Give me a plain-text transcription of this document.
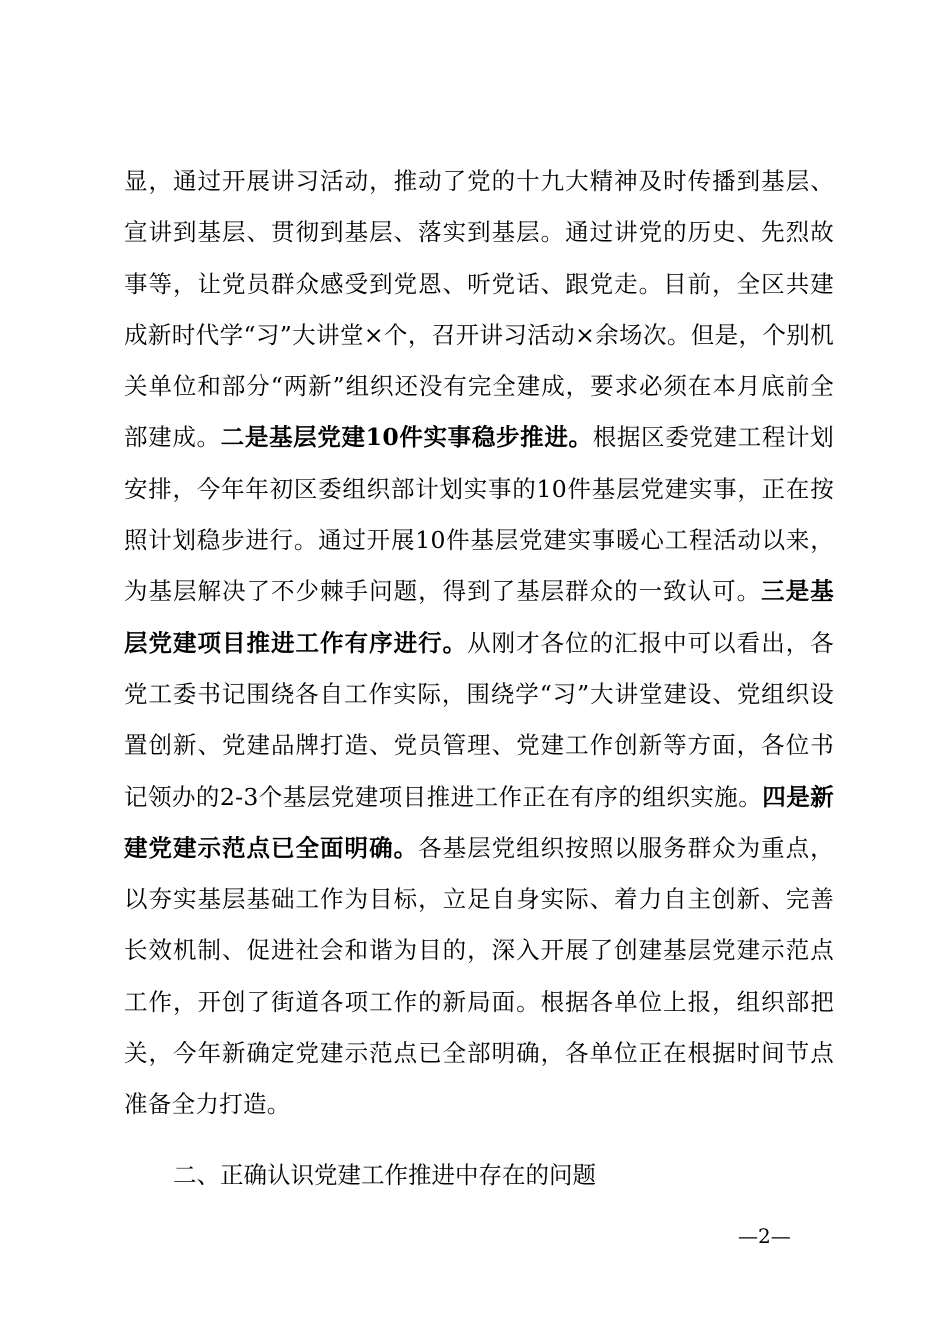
显，通过开展讲习活动，推动了党的十九大精神及时传播到基层、宣讲到基层、贯彻到基层、落实到基层。通过讲党的历史、先烈故事等，让党员群众感受到党恩、听党话、跟党走。目前，全区共建成新时代学“习”大讲堂×个，召开讲习活动×余场次。但是，个别机关单位和部分“两新”组织还没有完全建成，要求必须在本月底前全部建成。二是基层党建10件实事稳步推进。根据区委党建工程计划安排，今年年初区委组织部计划实事的10件基层党建实事，正在按照计划稳步进行。通过开展10件基层党建实事暖心工程活动以来，为基层解决了不少棘手问题，得到了基层群众的一致认可。三是基层党建项目推进工作有序进行。从刚才各位的汇报中可以看出，各党工委书记围绕各自工作实际，围绕学“习”大讲堂建设、党组织设置创新、党建品牌打造、党员管理、党建工作创新等方面，各位书记领办的2-3个基层党建项目推进工作正在有序的组织实施。四是新建党建示范点已全面明确。各基层党组织按照以服务群众为重点，以夯实基层基础工作为目标，立足自身实际、着力自主创新、完善长效机制、促进社会和谐为目的，深入开展了创建基层党建示范点工作，开创了街道各项工作的新局面。根据各单位上报，组织部把关，今年新确定党建示范点已全部明确，各单位正在根据时间节点准备全力打造。

二、正确认识党建工作推进中存在的问题

—2—
